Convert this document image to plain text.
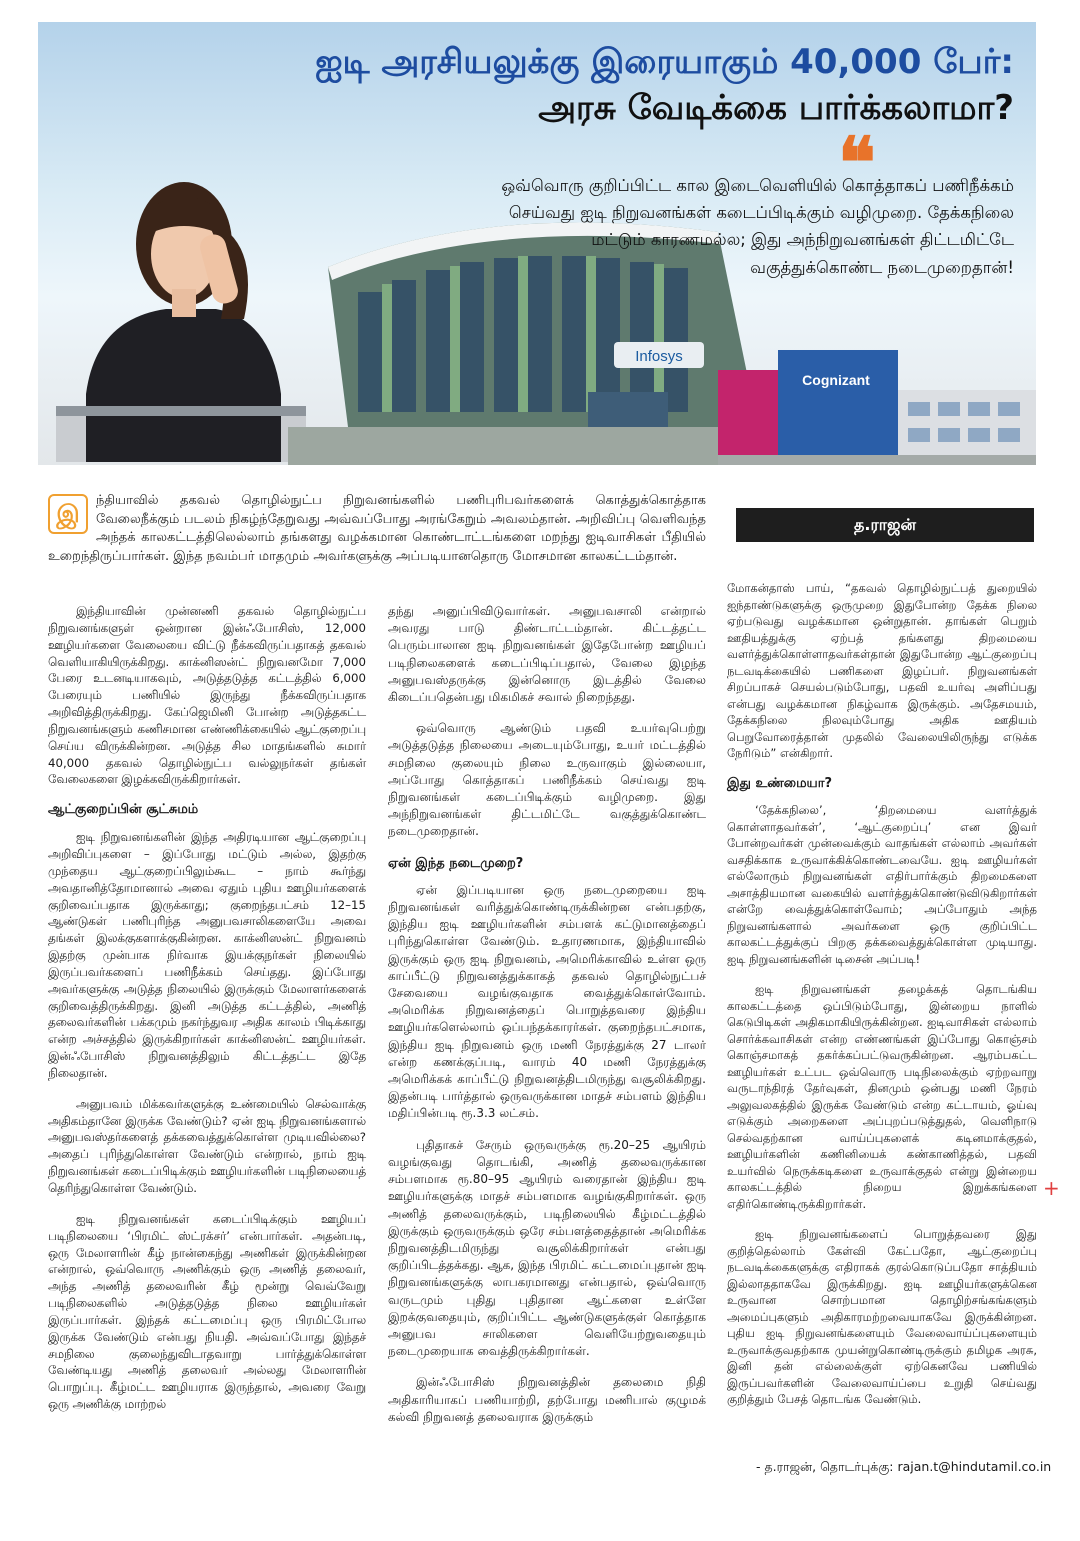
Infosys
Cognizant
ஐடி அரசியலுக்கு இரையாகும் 40,000 பேர்:
அரசு வேடிக்கை பார்க்கலாமா?
❝

ஒவ்வொரு குறிப்பிட்ட கால இடைவெளியில் கொத்தாகப் பணிநீக்கம் செய்வது ஐடி நிறுவனங்கள் கடைப்பிடிக்கும் வழிமுறை. தேக்கநிலை மட்டும் காரணமல்ல; இது அந்நிறுவனங்கள் திட்டமிட்டே வகுத்துக்கொண்ட நடைமுறைதான்!

இ	ந்தியாவில் தகவல் தொழில்நுட்ப நிறுவனங்களில் பணிபுரிபவர்களைக் கொத்துக்கொத்தாக வேலைநீக்கும் படலம் நிகழ்ந்தேறுவது அவ்வப்போது அரங்கேறும் அவலம்தான். அறிவிப்பு வெளிவந்த அந்தக் காலகட்டத்திலெல்லாம் தங்களது வழக்கமான கொண்டாட்டங்களை மறந்து ஐடிவாசிகள் பீதியில் உறைந்திருப்பார்கள். இந்த நவம்பர் மாதமும் அவர்களுக்கு அப்படியானதொரு மோசமான காலகட்டம்தான்.

த.ராஜன்

இந்தியாவின் முன்னணி தகவல் தொழில்நுட்ப நிறுவனங்களுள் ஒன்றான இன்ஃபோசிஸ், 12,000 ஊழியர்களை வேலையை விட்டு நீக்கவிருப்பதாகத் தகவல் வெளியாகியிருக்கிறது. காக்னிஸன்ட் நிறுவனமோ 7,000 பேரை உடனடியாகவும், அடுத்தடுத்த கட்டத்தில் 6,000 பேரையும் பணியில் இருந்து நீக்கவிருப்பதாக அறிவித்திருக்கிறது. கேப்ஜெமினி போன்ற அடுத்தகட்ட நிறுவனங்களும் கணிசமான எண்ணிக்கையில் ஆட்குறைப்பு செய்ய விருக்கின்றன. அடுத்த சில மாதங்களில் சுமார் 40,000 தகவல் தொழில்நுட்ப வல்லுநர்கள் தங்கள் வேலைகளை இழக்கவிருக்கிறார்கள்.

ஆட்குறைப்பின் சூட்சுமம்

ஐடி நிறுவனங்களின் இந்த அதிரடியான ஆட்குறைப்பு அறிவிப்புகளை – இப்போது மட்டும் அல்ல, இதற்கு முந்தைய ஆட்குறைப்பிலும்கூட – நாம் கூர்ந்து அவதானித்தோமானால் அவை ஏதும் புதிய ஊழியர்களைக் குறிவைப்பதாக இருக்காது; குறைந்தபட்சம் 12–15 ஆண்டுகள் பணிபுரிந்த அனுபவசாலிகளையே அவை தங்கள் இலக்குகளாக்குகின்றன. காக்னிஸன்ட் நிறுவனம் இதற்கு முன்பாக நிர்வாக இயக்குநர்கள் நிலையில் இருப்பவர்களைப் பணிநீக்கம் செய்தது. இப்போது அவர்களுக்கு அடுத்த நிலையில் இருக்கும் மேலாளர்களைக் குறிவைத்திருக்கிறது. இனி அடுத்த கட்டத்தில், அணித் தலைவர்களின் பக்கமும் நகர்ந்துவர அதிக காலம் பிடிக்காது என்ற அச்சத்தில் இருக்கிறார்கள் காக்னிஸன்ட் ஊழியர்கள். இன்ஃபோசிஸ் நிறுவனத்திலும் கிட்டத்தட்ட இதே நிலைதான்.

அனுபவம் மிக்கவர்களுக்கு உண்மையில் செல்வாக்கு அதிகம்தானே இருக்க வேண்டும்? ஏன் ஐடி நிறுவனங்களால் அனுபவஸ்தர்களைத் தக்கவைத்துக்கொள்ள முடியவில்லை? அதைப் புரிந்துகொள்ள வேண்டும் என்றால், நாம் ஐடி நிறுவனங்கள் கடைப்பிடிக்கும் ஊழியர்களின் படிநிலையைத் தெரிந்துகொள்ள வேண்டும்.

ஐடி நிறுவனங்கள் கடைப்பிடிக்கும் ஊழியப் படிநிலையை ‘பிரமிட் ஸ்ட்ரக்சர்’ என்பார்கள். அதன்படி, ஒரு மேலாளரின் கீழ் நான்கைந்து அணிகள் இருக்கின்றன என்றால், ஒவ்வொரு அணிக்கும் ஒரு அணித் தலைவர், அந்த அணித் தலைவரின் கீழ் மூன்று வெவ்வேறு படிநிலைகளில் அடுத்தடுத்த நிலை ஊழியர்கள் இருப்பார்கள். இந்தக் கட்டமைப்பு ஒரு பிரமிட்போல இருக்க வேண்டும் என்பது நியதி. அவ்வப்போது இந்தச் சமநிலை குலைந்துவிடாதவாறு பார்த்துக்கொள்ள வேண்டியது அணித் தலைவர் அல்லது மேலாளரின் பொறுப்பு. கீழ்மட்ட ஊழியராக இருந்தால், அவரை வேறு ஒரு அணிக்கு மாற்றல்

தந்து அனுப்பிவிடுவார்கள். அனுபவசாலி என்றால் அவரது பாடு திண்டாட்டம்தான். கிட்டத்தட்ட பெரும்பாலான ஐடி நிறுவனங்கள் இதேபோன்ற ஊழியப் படிநிலைகளைக் கடைப்பிடிப்பதால், வேலை இழந்த அனுபவஸ்தருக்கு இன்னொரு இடத்தில் வேலை கிடைப்பதென்பது மிகமிகச் சவால் நிறைந்தது.

ஒவ்வொரு ஆண்டும் பதவி உயர்வுபெற்று அடுத்தடுத்த நிலையை அடையும்போது, உயர் மட்டத்தில் சமநிலை குலையும் நிலை உருவாகும் இல்லையா, அப்போது கொத்தாகப் பணிநீக்கம் செய்வது ஐடி நிறுவனங்கள் கடைப்பிடிக்கும் வழிமுறை. இது அந்நிறுவனங்கள் திட்டமிட்டே வகுத்துக்கொண்ட நடைமுறைதான்.

ஏன் இந்த நடைமுறை?

ஏன் இப்படியான ஒரு நடைமுறையை ஐடி நிறுவனங்கள் வரித்துக்கொண்டிருக்கின்றன என்பதற்கு, இந்திய ஐடி ஊழியர்களின் சம்பளக் கட்டுமானத்தைப் புரிந்துகொள்ள வேண்டும். உதாரணமாக, இந்தியாவில் இருக்கும் ஒரு ஐடி நிறுவனம், அமெரிக்காவில் உள்ள ஒரு காப்பீட்டு நிறுவனத்துக்காகத் தகவல் தொழில்நுட்பச் சேவையை வழங்குவதாக வைத்துக்கொள்வோம். அமெரிக்க நிறுவனத்தைப் பொறுத்தவரை இந்திய ஊழியர்களெல்லாம் ஒப்பந்தக்காரர்கள். குறைந்தபட்சமாக, இந்திய ஐடி நிறுவனம் ஒரு மணி நேரத்துக்கு 27 டாலர் என்ற கணக்குப்படி, வாரம் 40 மணி நேரத்துக்கு அமெரிக்கக் காப்பீட்டு நிறுவனத்திடமிருந்து வசூலிக்கிறது. இதன்படி பார்த்தால் ஒருவருக்கான மாதச் சம்பளம் இந்திய மதிப்பின்படி ரூ.3.3 லட்சம்.

புதிதாகச் சேரும் ஒருவருக்கு ரூ.20–25 ஆயிரம் வழங்குவது தொடங்கி, அணித் தலைவருக்கான சம்பளமாக ரூ.80–95 ஆயிரம் வரைதான் இந்திய ஐடி ஊழியர்களுக்கு மாதச் சம்பளமாக வழங்குகிறார்கள். ஒரு அணித் தலைவருக்கும், படிநிலையில் கீழ்மட்டத்தில் இருக்கும் ஒருவருக்கும் ஒரே சம்பளத்தைத்தான் அமெரிக்க நிறுவனத்திடமிருந்து வசூலிக்கிறார்கள் என்பது குறிப்பிடத்தக்கது. ஆக, இந்த பிரமிட் கட்டமைப்புதான் ஐடி நிறுவனங்களுக்கு லாபகரமானது என்பதால், ஒவ்வொரு வருடமும் புதிது புதிதான ஆட்களை உள்ளே இறக்குவதையும், குறிப்பிட்ட ஆண்டுகளுக்குள் கொத்தாக அனுபவ சாலிகளை வெளியேற்றுவதையும் நடைமுறையாக வைத்திருக்கிறார்கள்.

இன்ஃபோசிஸ் நிறுவனத்தின் தலைமை நிதி அதிகாரியாகப் பணியாற்றி, தற்போது மணிபால் குழுமக் கல்வி நிறுவனத் தலைவராக இருக்கும்

மோகன்தாஸ் பாய், “தகவல் தொழில்நுட்பத் துறையில் ஐந்தாண்டுகளுக்கு ஒருமுறை இதுபோன்ற தேக்க நிலை ஏற்படுவது வழக்கமான ஒன்றுதான். தாங்கள் பெறும் ஊதியத்துக்கு ஏற்பத் தங்களது திறமையை வளர்த்துக்கொள்ளாதவர்கள்தான் இதுபோன்ற ஆட்குறைப்பு நடவடிக்கையில் பணிகளை இழப்பர். நிறுவனங்கள் சிறப்பாகச் செயல்படும்போது, பதவி உயர்வு அளிப்பது என்பது வழக்கமான நிகழ்வாக இருக்கும். அதேசமயம், தேக்கநிலை நிலவும்போது அதிக ஊதியம் பெறுவோரைத்தான் முதலில் வேலையிலிருந்து எடுக்க நேரிடும்” என்கிறார்.

இது உண்மையா?

‘தேக்கநிலை’, ‘திறமையை வளர்த்துக் கொள்ளாதவர்கள்’, ‘ஆட்குறைப்பு’ என இவர் போன்றவர்கள் முன்வைக்கும் வாதங்கள் எல்லாம் அவர்கள் வசதிக்காக உருவாக்கிக்கொண்டவையே. ஐடி ஊழியர்கள் எல்லோரும் நிறுவனங்கள் எதிர்பார்க்கும் திறமைகளை அசாத்தியமான வகையில் வளர்த்துக்கொண்டுவிடுகிறார்கள் என்றே வைத்துக்கொள்வோம்; அப்போதும் அந்த நிறுவனங்களால் அவர்களை ஒரு குறிப்பிட்ட காலகட்டத்துக்குப் பிறகு தக்கவைத்துக்கொள்ள முடியாது. ஐடி நிறுவனங்களின் டிசைன் அப்படி!

ஐடி நிறுவனங்கள் தழைக்கத் தொடங்கிய காலகட்டத்தை ஒப்பிடும்போது, இன்றைய நாளில் கெடுபிடிகள் அதிகமாகியிருக்கின்றன. ஐடிவாசிகள் எல்லாம் சொர்க்கவாசிகள் என்ற எண்ணங்கள் இப்போது கொஞ்சம் கொஞ்சமாகத் தகர்க்கப்பட்டுவருகின்றன. ஆரம்பகட்ட ஊழியர்கள் உட்பட ஒவ்வொரு படிநிலைக்கும் ஏற்றவாறு வருடாந்திரத் தேர்வுகள், தினமும் ஒன்பது மணி நேரம் அலுவலகத்தில் இருக்க வேண்டும் என்ற கட்டாயம், ஓய்வு எடுக்கும் அறைகளை அப்புறப்படுத்துதல், வெளிநாடு செல்வதற்கான வாய்ப்புகளைக் கடினமாக்குதல், ஊழியர்களின் கணினியைக் கண்காணித்தல், பதவி உயர்வில் நெருக்கடிகளை உருவாக்குதல் என்று இன்றைய காலகட்டத்தில் நிறைய இறுக்கங்களை எதிர்கொண்டிருக்கிறார்கள்.

ஐடி நிறுவனங்களைப் பொறுத்தவரை இது குறித்தெல்லாம் கேள்வி கேட்பதோ, ஆட்குறைப்பு நடவடிக்கைகளுக்கு எதிராகக் குரல்கொடுப்பதோ சாத்தியம் இல்லாததாகவே இருக்கிறது. ஐடி ஊழியர்களுக்கென உருவான சொற்பமான தொழிற்சங்கங்களும் அமைப்புகளும் அதிகாரமற்றவையாகவே இருக்கின்றன. புதிய ஐடி நிறுவனங்களையும் வேலைவாய்ப்புகளையும் உருவாக்குவதற்காக முயன்றுகொண்டிருக்கும் தமிழக அரசு, இனி தன் எல்லைக்குள் ஏற்கெனவே பணியில் இருப்பவர்களின் வேலைவாய்ப்பை உறுதி செய்வது குறித்தும் பேசத் தொடங்க வேண்டும்.

- த.ராஜன், தொடர்புக்கு: rajan.t@hindutamil.co.in
+
